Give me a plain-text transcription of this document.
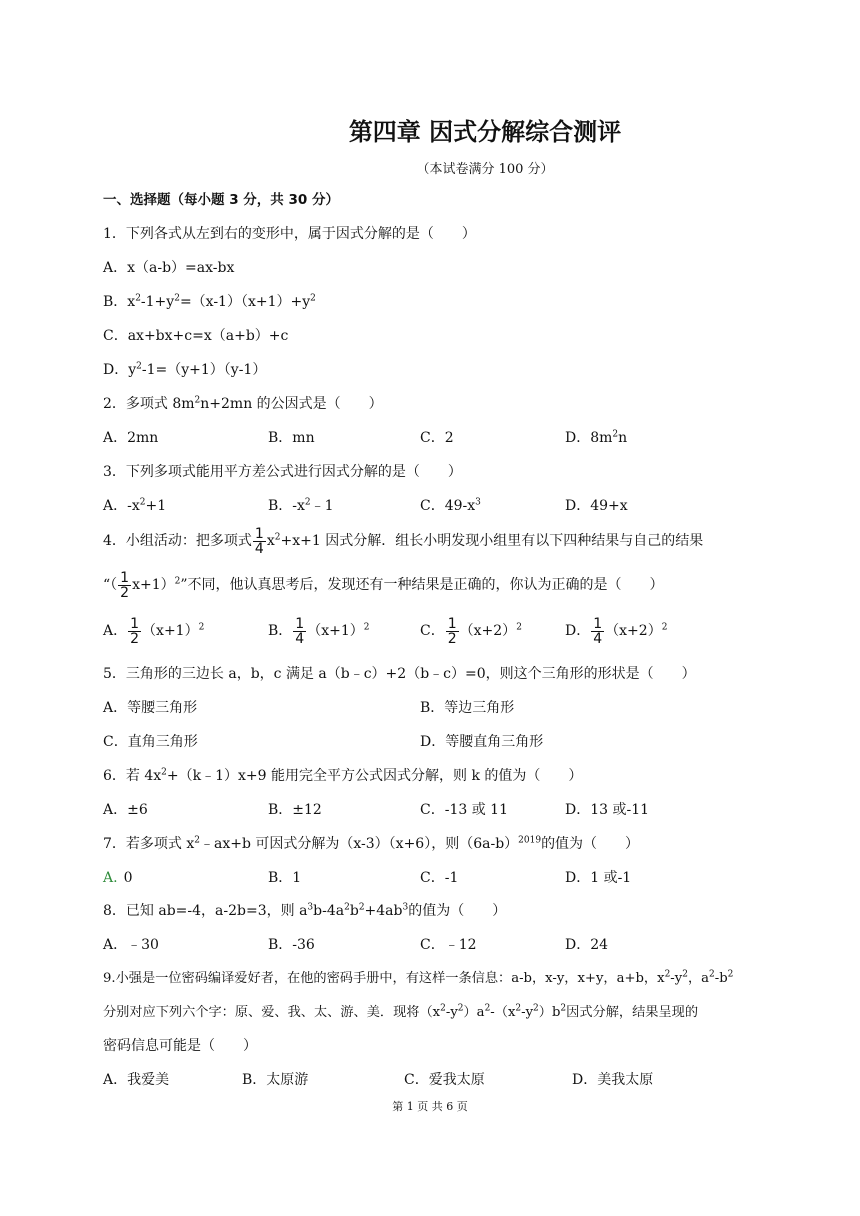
第四章 因式分解综合测评
（本试卷满分 100 分）
一、选择题（每小题 3 分，共 30 分）
1．下列各式从左到右的变形中，属于因式分解的是（　　）
A．x（a-b）=ax-bx
B．$x^2-1+y^2=(x-1)(x+1)+y^2$
C．ax+bx+c=x（a+b）+c
D．$y^2-1=(y+1)(y-1)$
2．多项式 $8m^2n+2mn$ 的公因式是（　　）
A．2mn	B．mn	C．2	D．$8m^2n$
3．下列多项式能用平方差公式进行因式分解的是（　　）
A．$-x^2+1$	B．$-x^2﹣1$	C．$49-x^3$	D．49+x
4．小组活动：把多项式 $\frac{1}{4} x^2+x+1$ 因式分解．组长小明发现小组里有以下四种结果与自己的结果
“（ $\frac{1}{2} x+1)^2$”不同，他认真思考后，发现还有一种结果是正确的，你认为正确的是（　　）
A． $\frac{1}{2} (x+1)^2$	B． $\frac{1}{4} (x+1)^2$	C． $\frac{1}{2} (x+2)^2$	D． $\frac{1}{4} (x+2)^2$
5．三角形的三边长 a，b，c 满足 a（b﹣c）+2（b﹣c）=0，则这个三角形的形状是（　　）
A．等腰三角形	B．等边三角形
C．直角三角形	D．等腰直角三角形
6．若 $4x^2+(k﹣1)x+9$ 能用完全平方公式因式分解，则 k 的值为（　　）
A．±6	B．±12	C．-13 或 11	D．13 或-11
7．若多项式 $x^2﹣ax+b$ 可因式分解为（x-3）（x+6），则$(6a-b)^{2019}$的值为（　　）
A. 0	B．1	C．-1	D．1 或-1
8．已知 ab=-4，a-2b=3，则 $a^3b-4a^2b^2+4ab^3$的值为（　　）
A．﹣30	B．-36	C．﹣12	D．24
9.小强是一位密码编译爱好者，在他的密码手册中，有这样一条信息：a-b，x-y，x+y，a+b，$x^2-y^2$，$a^2-b^2$
分别对应下列六个字：原、爱、我、太、游、美．现将$(x^2-y^2)a^2-(x^2-y^2)b^2$因式分解，结果呈现的
密码信息可能是（　　）
A．我爱美	B．太原游	C．爱我太原	D．美我太原
第 1 页 共 6 页
